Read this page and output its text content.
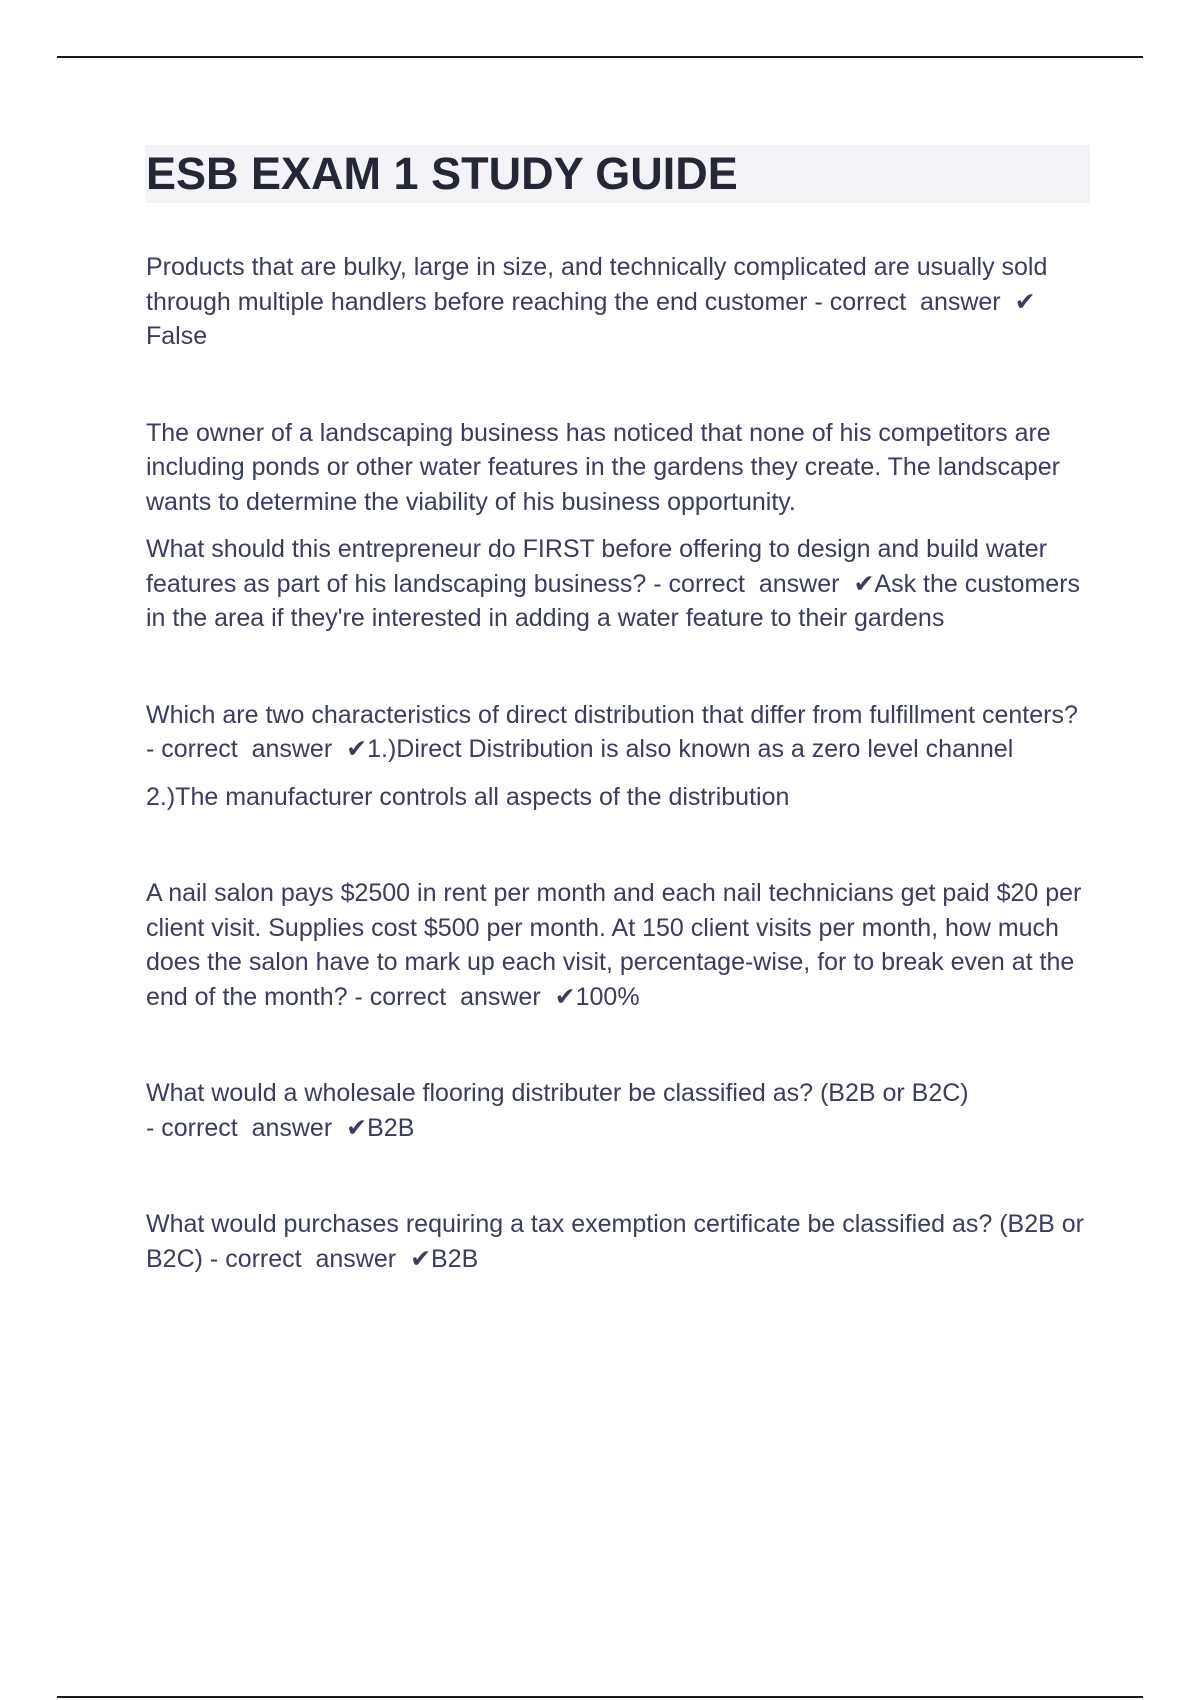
ESB EXAM 1 STUDY GUIDE

Products that are bulky, large in size, and technically complicated are usually sold through multiple handlers before reaching the end customer - correct  answer ✔False

The owner of a landscaping business has noticed that none of his competitors are including ponds or other water features in the gardens they create. The landscaper wants to determine the viability of his business opportunity.

What should this entrepreneur do FIRST before offering to design and build water features as part of his landscaping business? - correct  answer ✔Ask the customers in the area if they're interested in adding a water feature to their gardens

Which are two characteristics of direct distribution that differ from fulfillment centers? - correct  answer ✔1.)Direct Distribution is also known as a zero level channel

2.)The manufacturer controls all aspects of the distribution

A nail salon pays $2500 in rent per month and each nail technicians get paid $20 per client visit. Supplies cost $500 per month. At 150 client visits per month, how much does the salon have to mark up each visit, percentage-wise, for to break even at the end of the month? - correct  answer ✔100%

What would a wholesale flooring distributer be classified as? (B2B or B2C) - correct  answer ✔B2B

What would purchases requiring a tax exemption certificate be classified as? (B2B or B2C) - correct  answer ✔B2B
